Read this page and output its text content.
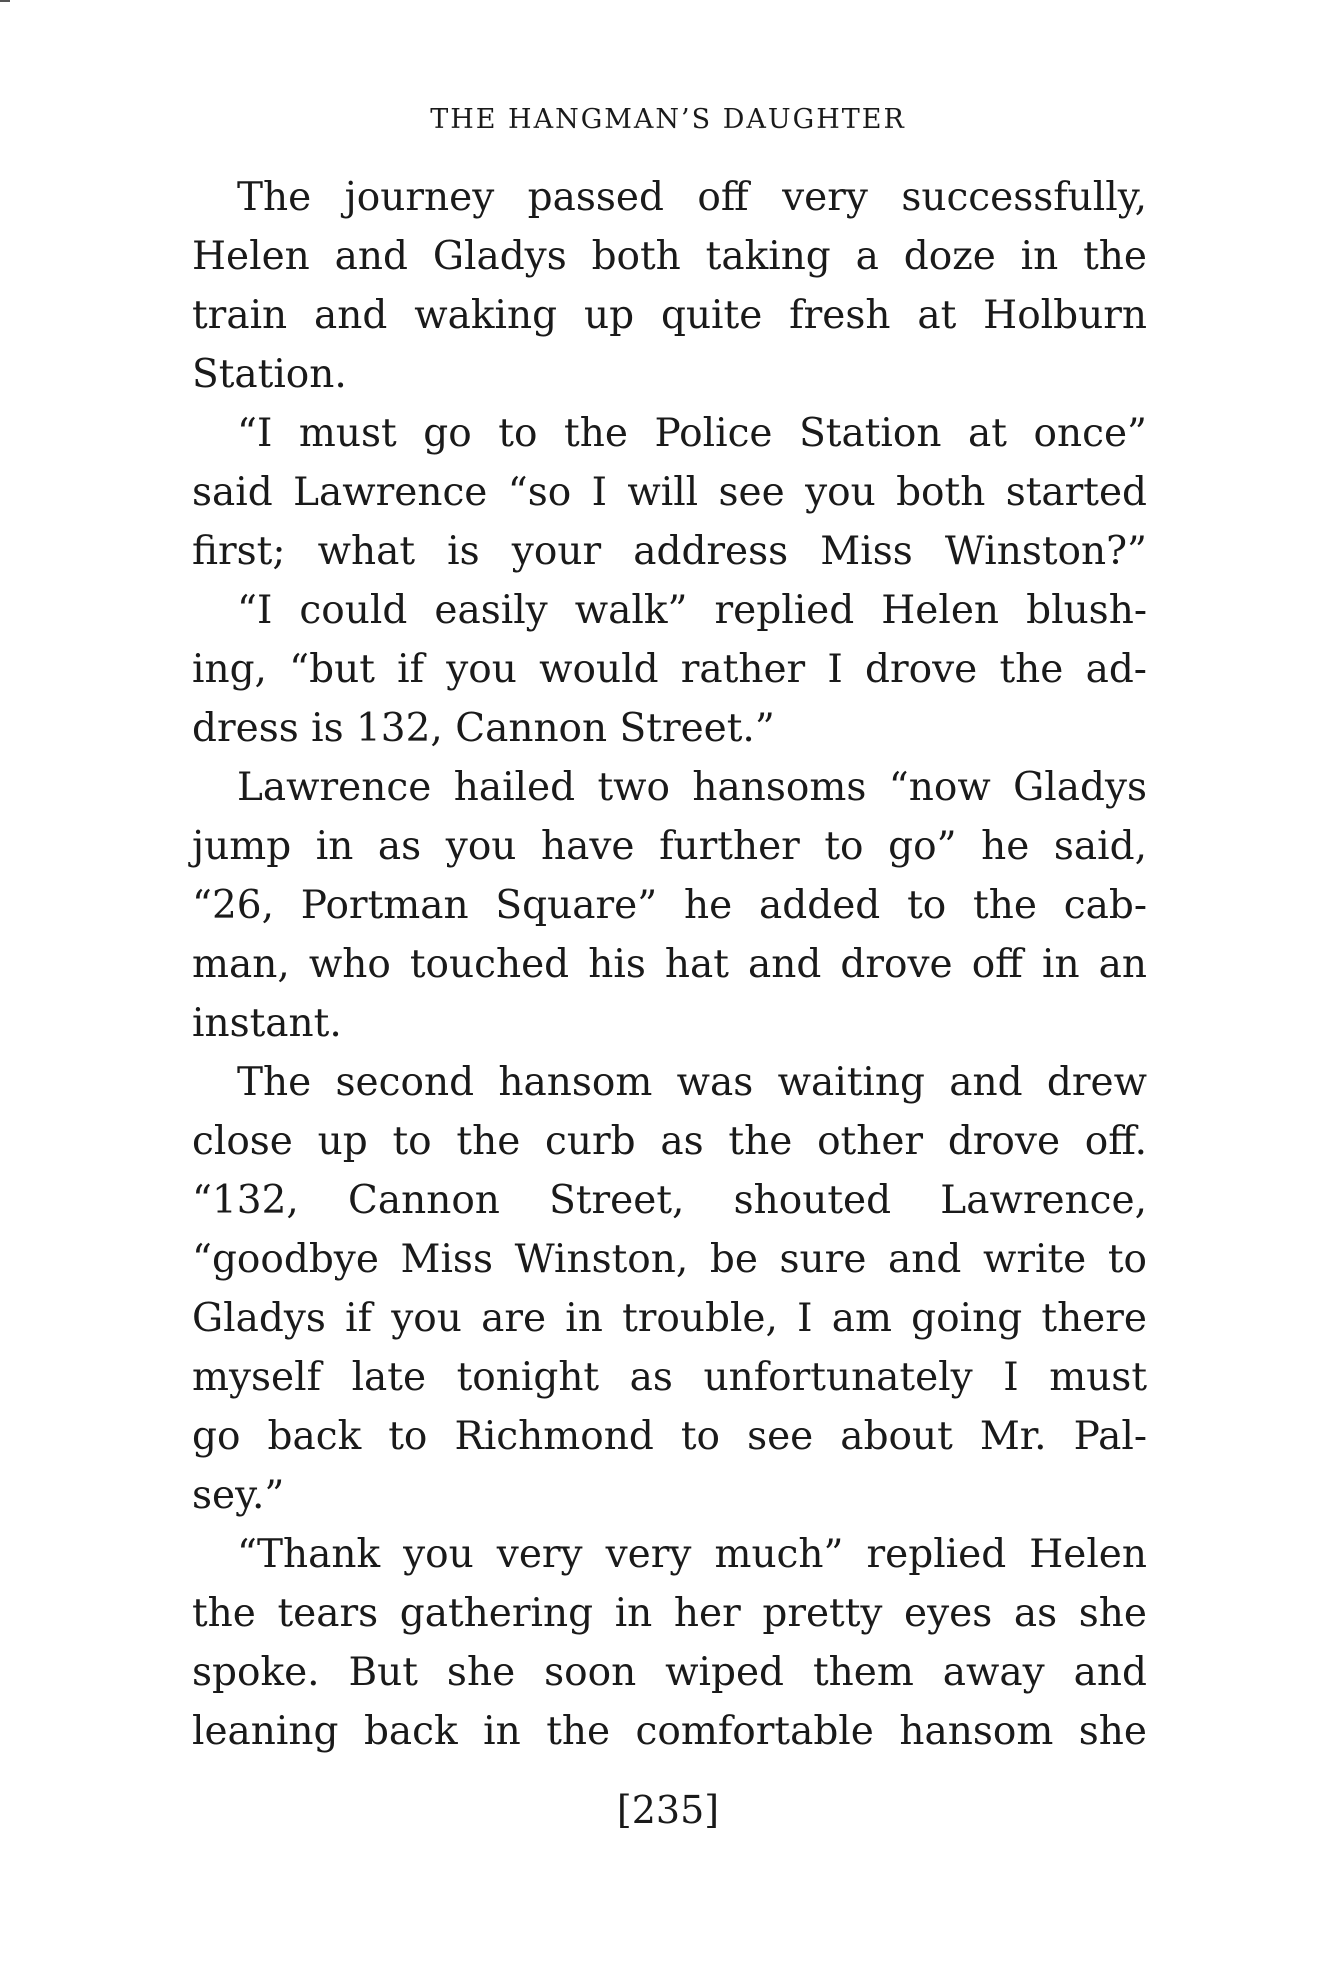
THE HANGMAN’S DAUGHTER
The journey passed off very successfully,
Helen and Gladys both taking a doze in the
train and waking up quite fresh at Holburn
Station.
“I must go to the Police Station at once”
said Lawrence “so I will see you both started
first; what is your address Miss Winston?”
“I could easily walk” replied Helen blush-
ing, “but if you would rather I drove the ad-
dress is 132, Cannon Street.”
Lawrence hailed two hansoms “now Gladys
jump in as you have further to go” he said,
“26, Portman Square” he added to the cab-
man, who touched his hat and drove off in an
instant.
The second hansom was waiting and drew
close up to the curb as the other drove off.
“132, Cannon Street, shouted Lawrence,
“goodbye Miss Winston, be sure and write to
Gladys if you are in trouble, I am going there
myself late tonight as unfortunately I must
go back to Richmond to see about Mr. Pal-
sey.”
“Thank you very very much” replied Helen
the tears gathering in her pretty eyes as she
spoke. But she soon wiped them away and
leaning back in the comfortable hansom she
[235]
